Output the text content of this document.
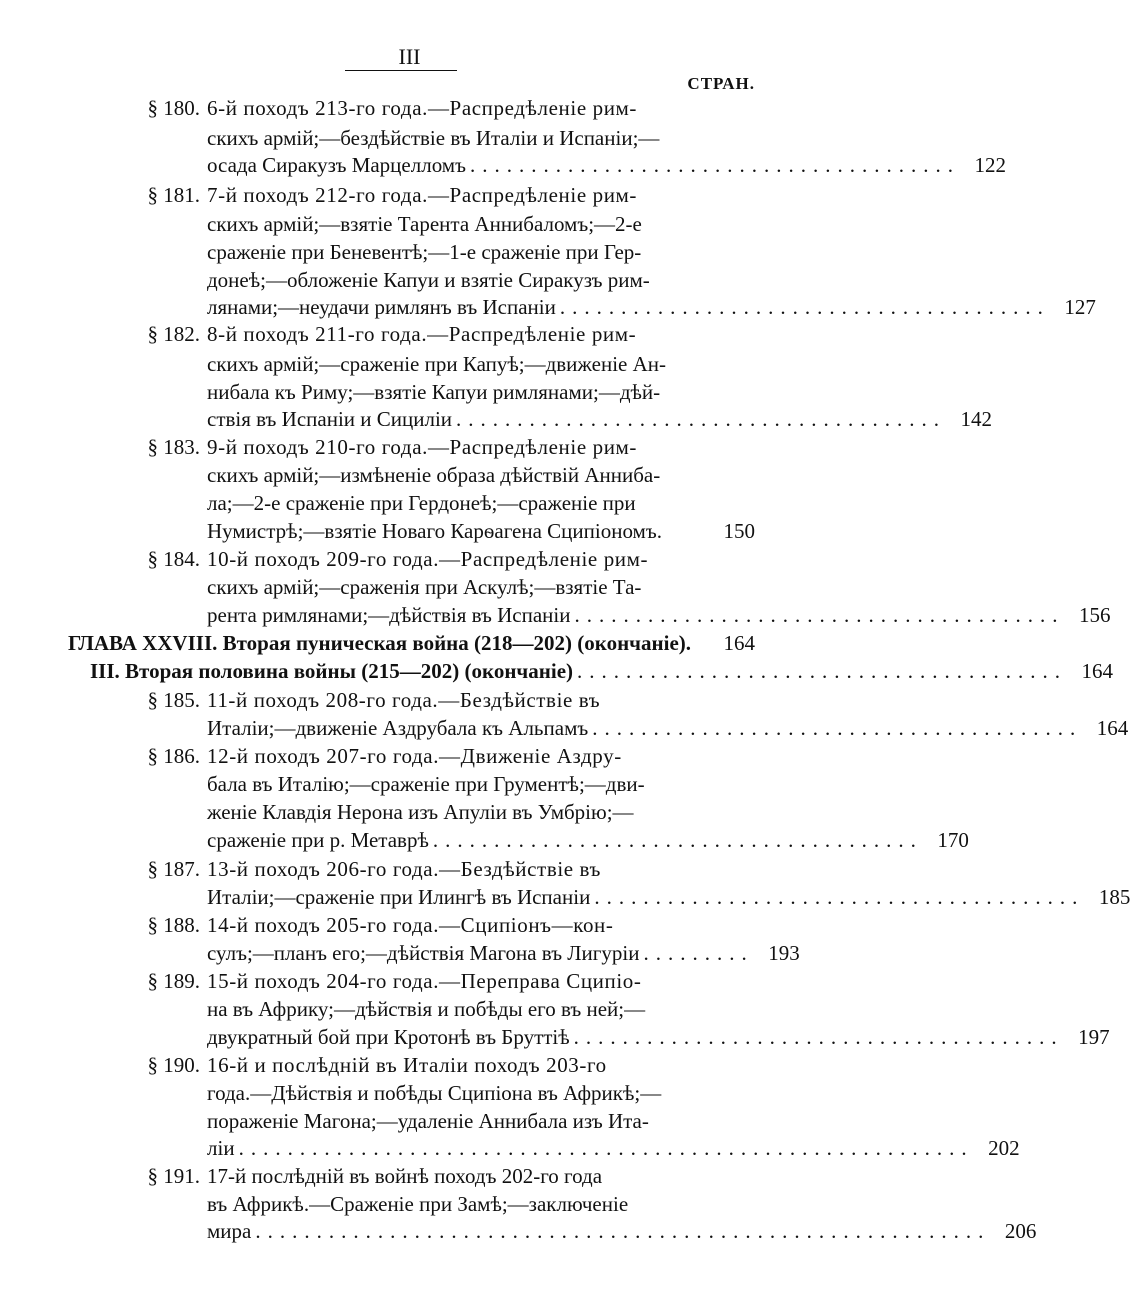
III
СТРАН.
§ 180. 6-й походъ 213-го года.—Распредѣленіе рим-
скихъ армій;—бездѣйствіе въ Италіи и Испаніи;—
осада Сиракузъ Марцелломъ ........................................ 122
§ 181. 7-й походъ 212-го года.—Распредѣленіе рим-
скихъ армій;—взятіе Тарента Аннибаломъ;—2-е
сраженіе при Беневентѣ;—1-е сраженіе при Гер-
донеѣ;—обложеніе Капуи и взятіе Сиракузъ рим-
лянами;—неудачи римлянъ въ Испаніи ........................................ 127
§ 182. 8-й походъ 211-го года.—Распредѣленіе рим-
скихъ армій;—сраженіе при Капуѣ;—движеніе Ан-
нибала къ Риму;—взятіе Капуи римлянами;—дѣй-
ствія въ Испаніи и Сициліи ........................................ 142
§ 183. 9-й походъ 210-го года.—Распредѣленіе рим-
скихъ армій;—измѣненіе образа дѣйствій Анниба-
ла;—2-е сраженіе при Гердонеѣ;—сраженіе при
Нумистрѣ;—взятіе Новаго Карѳагена Сципіономъ.	150
§ 184. 10-й походъ 209-го года.—Распредѣленіе рим-
скихъ армій;—сраженія при Аскулѣ;—взятіе Та-
рента римлянами;—дѣйствія въ Испаніи ........................................ 156
ГЛАВА XXVIII. Вторая пуническая война (218—202) (окончаніе).	164
III. Вторая половина войны (215—202) (окончаніе) ........................................ 164
§ 185. 11-й походъ 208-го года.—Бездѣйствіе въ
Италіи;—движеніе Аздрубала къ Альпамъ ........................................ 164
§ 186. 12-й походъ 207-го года.—Движеніе Аздру-
бала въ Италію;—сраженіе при Грументѣ;—дви-
женіе Клавдія Нерона изъ Апуліи въ Умбрію;—
сраженіе при р. Метаврѣ ........................................ 170
§ 187. 13-й походъ 206-го года.—Бездѣйствіе въ
Италіи;—сраженіе при Илингѣ въ Испаніи ........................................ 185
§ 188. 14-й походъ 205-го года.—Сципіонъ—кон-
сулъ;—планъ его;—дѣйствія Магона въ Лигуріи ......... 193
§ 189. 15-й походъ 204-го года.—Переправа Сципіо-
на въ Африку;—дѣйствія и побѣды его въ ней;—
двукратный бой при Кротонѣ въ Бруттіѣ ........................................ 197
§ 190. 16-й и послѣдній въ Италіи походъ 203-го
года.—Дѣйствія и побѣды Сципіона въ Африкѣ;—
пораженіе Магона;—удаленіе Аннибала изъ Ита-
ліи ............................................................ 202
§ 191. 17-й послѣдній въ войнѣ походъ 202-го года
въ Африкѣ.—Сраженіе при Замѣ;—заключеніе
мира ............................................................ 206
